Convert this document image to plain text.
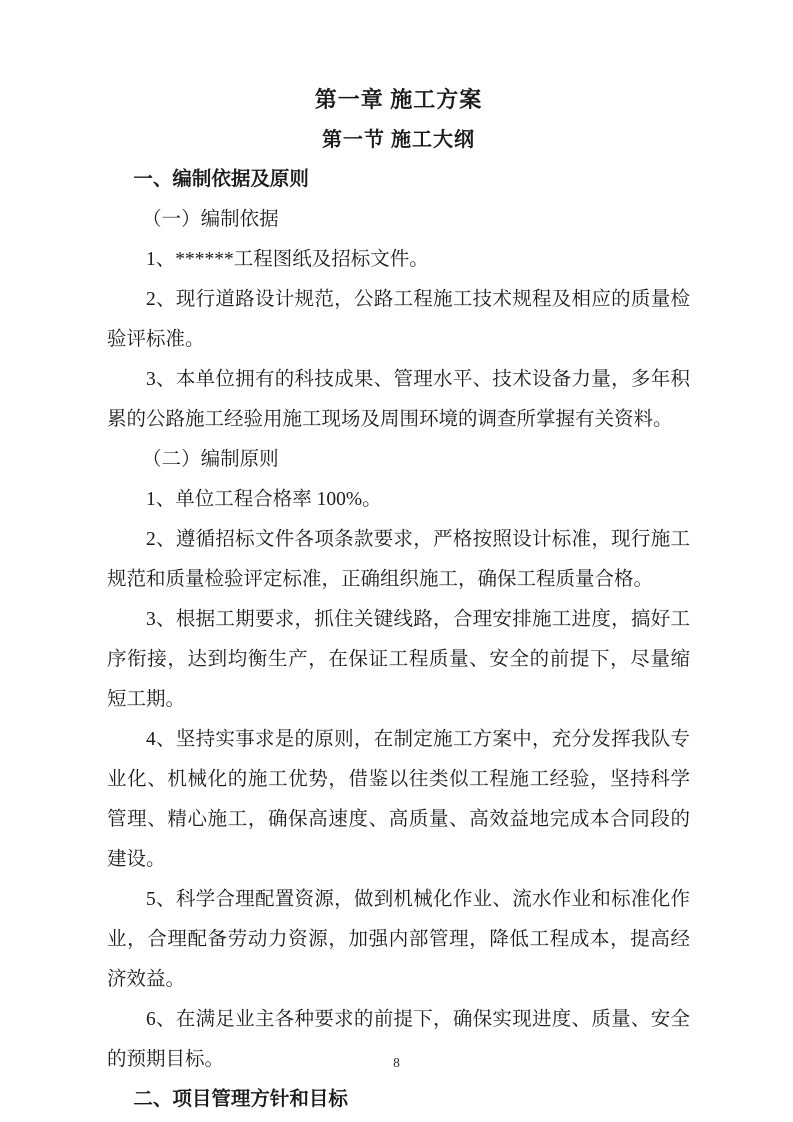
第一章 施工方案
第一节 施工大纲

一、编制依据及原则

（一）编制依据

1、******工程图纸及招标文件。

2、现行道路设计规范，公路工程施工技术规程及相应的质量检验评标准。

3、本单位拥有的科技成果、管理水平、技术设备力量，多年积累的公路施工经验用施工现场及周围环境的调查所掌握有关资料。

（二）编制原则

1、单位工程合格率 100%。

2、遵循招标文件各项条款要求，严格按照设计标准，现行施工规范和质量检验评定标准，正确组织施工，确保工程质量合格。

3、根据工期要求，抓住关键线路，合理安排施工进度，搞好工序衔接，达到均衡生产，在保证工程质量、安全的前提下，尽量缩短工期。

4、坚持实事求是的原则，在制定施工方案中，充分发挥我队专业化、机械化的施工优势，借鉴以往类似工程施工经验，坚持科学管理、精心施工，确保高速度、高质量、高效益地完成本合同段的建设。

5、科学合理配置资源，做到机械化作业、流水作业和标准化作业，合理配备劳动力资源，加强内部管理，降低工程成本，提高经济效益。

6、在满足业主各种要求的前提下，确保实现进度、质量、安全的预期目标。

二、项目管理方针和目标

8
